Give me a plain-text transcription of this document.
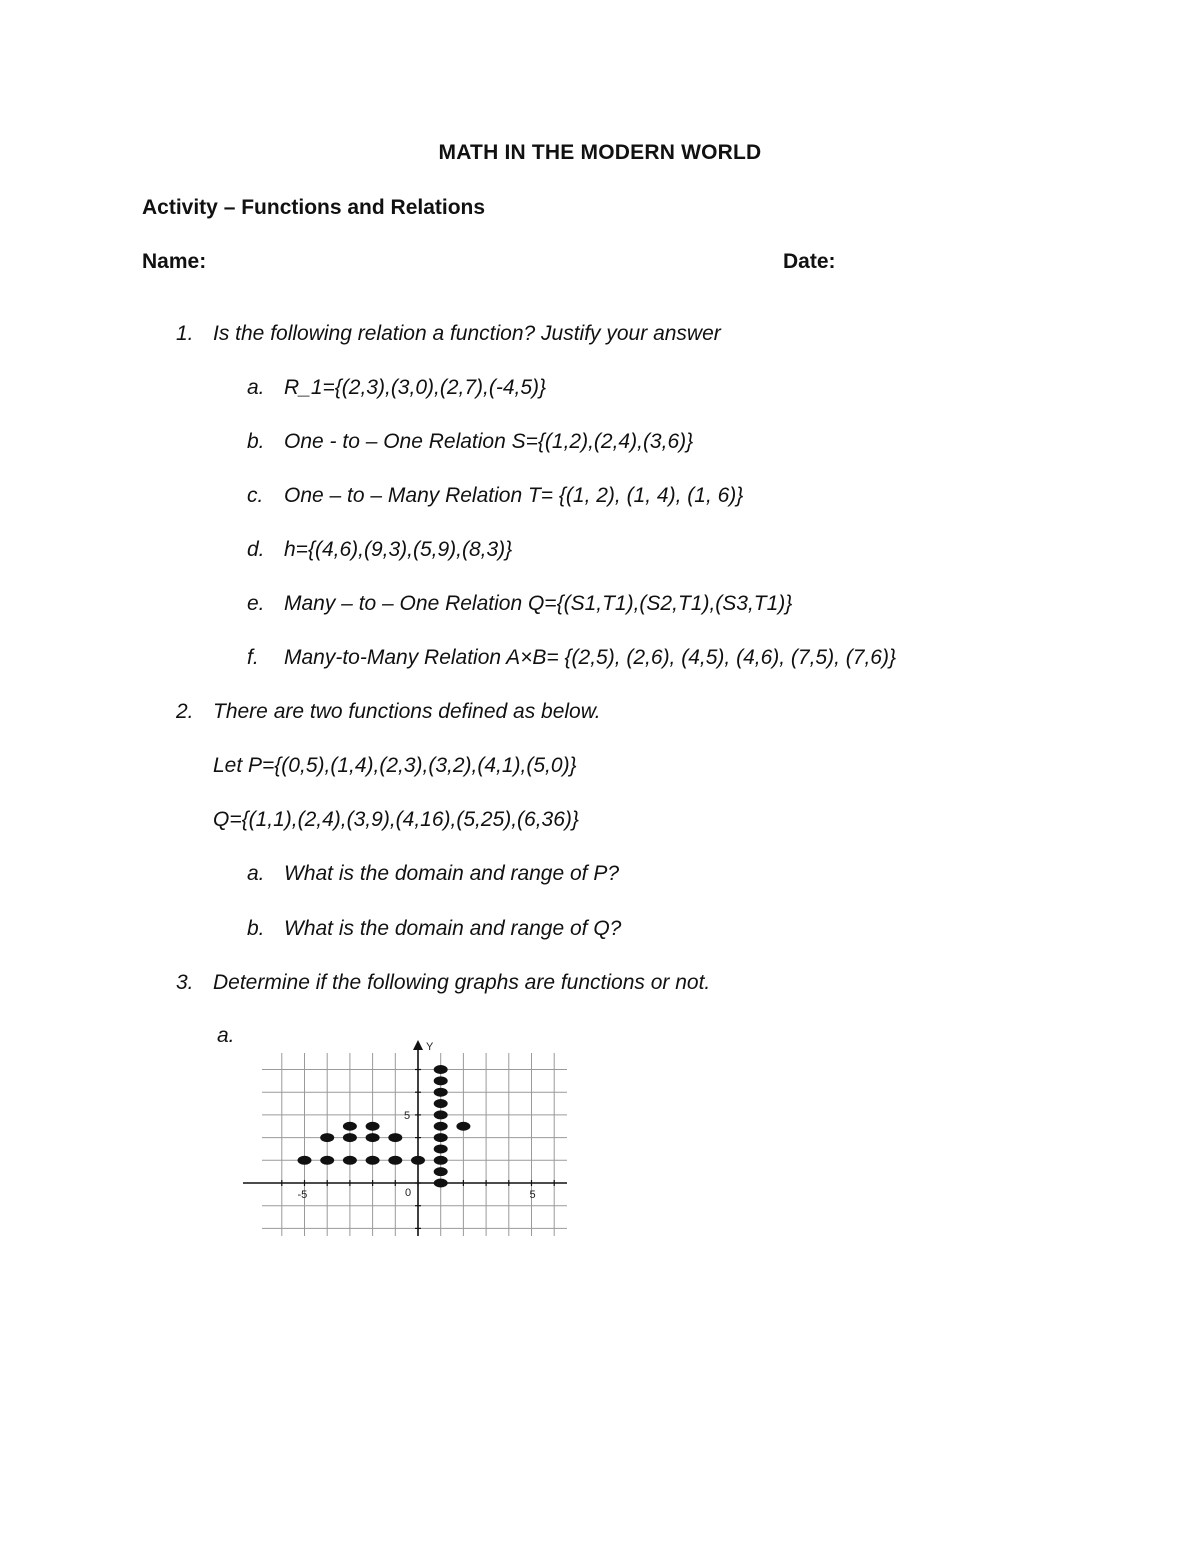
MATH IN THE MODERN WORLD
Activity – Functions and Relations
Name:	Date:
1. Is the following relation a function? Justify your answer
a. R_1={(2,3),(3,0),(2,7),(-4,5)}
b. One - to – One Relation S={(1,2),(2,4),(3,6)}
c. One – to – Many Relation T= {(1, 2), (1, 4), (1, 6)}
d. h={(4,6),(9,3),(5,9),(8,3)}
e. Many – to – One Relation Q={(S1,T1),(S2,T1),(S3,T1)}
f. Many-to-Many Relation A×B= {(2,5), (2,6), (4,5), (4,6), (7,5), (7,6)}
2. There are two functions defined as below.
Let P={(0,5),(1,4),(2,3),(3,2),(4,1),(5,0)}
Q={(1,1),(2,4),(3,9),(4,16),(5,25),(6,36)}
a. What is the domain and range of P?
b. What is the domain and range of Q?
3. Determine if the following graphs are functions or not.
a.	Y
-5	0	5
5
